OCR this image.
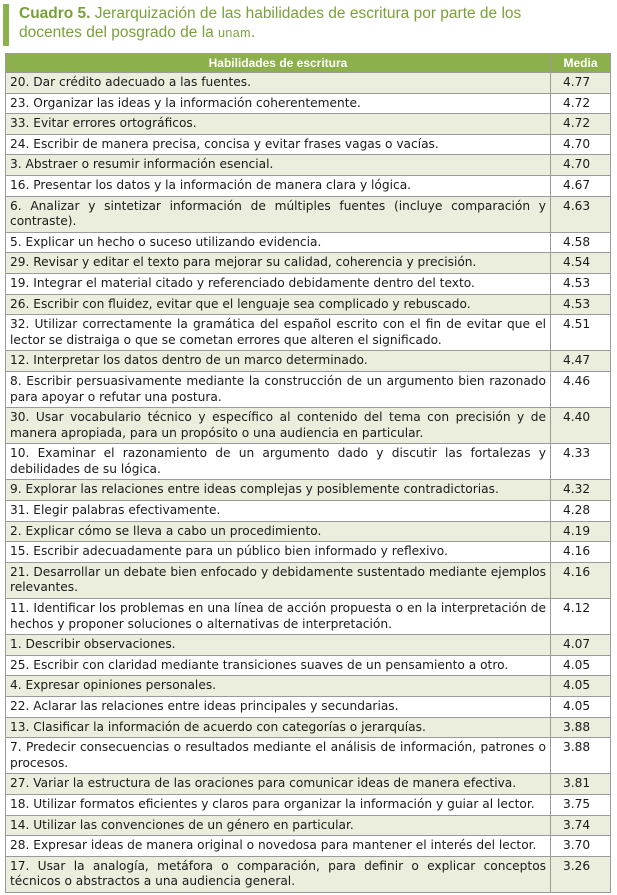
Cuadro 5. Jerarquización de las habilidades de escritura por parte de los
docentes del posgrado de la unam.
Habilidades de escritura	Media
20. Dar crédito adecuado a las fuentes.	4.77
23. Organizar las ideas y la información coherentemente.	4.72
33. Evitar errores ortográficos.	4.72
24. Escribir de manera precisa, concisa y evitar frases vagas o vacías.	4.70
3. Abstraer o resumir información esencial.	4.70
16. Presentar los datos y la información de manera clara y lógica.	4.67
6. Analizar y sintetizar información de múltiples fuentes (incluye comparación y contraste).	4.63
5. Explicar un hecho o suceso utilizando evidencia.	4.58
29. Revisar y editar el texto para mejorar su calidad, coherencia y precisión.	4.54
19. Integrar el material citado y referenciado debidamente dentro del texto.	4.53
26. Escribir con fluidez, evitar que el lenguaje sea complicado y rebuscado.	4.53
32. Utilizar correctamente la gramática del español escrito con el fin de evitar que el lector se distraiga o que se cometan errores que alteren el significado.	4.51
12. Interpretar los datos dentro de un marco determinado.	4.47
8. Escribir persuasivamente mediante la construcción de un argumento bien razonado para apoyar o refutar una postura.	4.46
30. Usar vocabulario técnico y específico al contenido del tema con precisión y de manera apropiada, para un propósito o una audiencia en particular.	4.40
10. Examinar el razonamiento de un argumento dado y discutir las fortalezas y debilidades de su lógica.	4.33
9. Explorar las relaciones entre ideas complejas y posiblemente contradictorias.	4.32
31. Elegir palabras efectivamente.	4.28
2. Explicar cómo se lleva a cabo un procedimiento.	4.19
15. Escribir adecuadamente para un público bien informado y reflexivo.	4.16
21. Desarrollar un debate bien enfocado y debidamente sustentado mediante ejemplos relevantes.	4.16
11. Identificar los problemas en una línea de acción propuesta o en la interpretación de hechos y proponer soluciones o alternativas de interpretación.	4.12
1. Describir observaciones.	4.07
25. Escribir con claridad mediante transiciones suaves de un pensamiento a otro.	4.05
4. Expresar opiniones personales.	4.05
22. Aclarar las relaciones entre ideas principales y secundarias.	4.05
13. Clasificar la información de acuerdo con categorías o jerarquías.	3.88
7. Predecir consecuencias o resultados mediante el análisis de información, patrones o procesos.	3.88
27. Variar la estructura de las oraciones para comunicar ideas de manera efectiva.	3.81
18. Utilizar formatos eficientes y claros para organizar la información y guiar al lector.	3.75
14. Utilizar las convenciones de un género en particular.	3.74
28. Expresar ideas de manera original o novedosa para mantener el interés del lector.	3.70
17. Usar la analogía, metáfora o comparación, para definir o explicar conceptos técnicos o abstractos a una audiencia general.	3.26
